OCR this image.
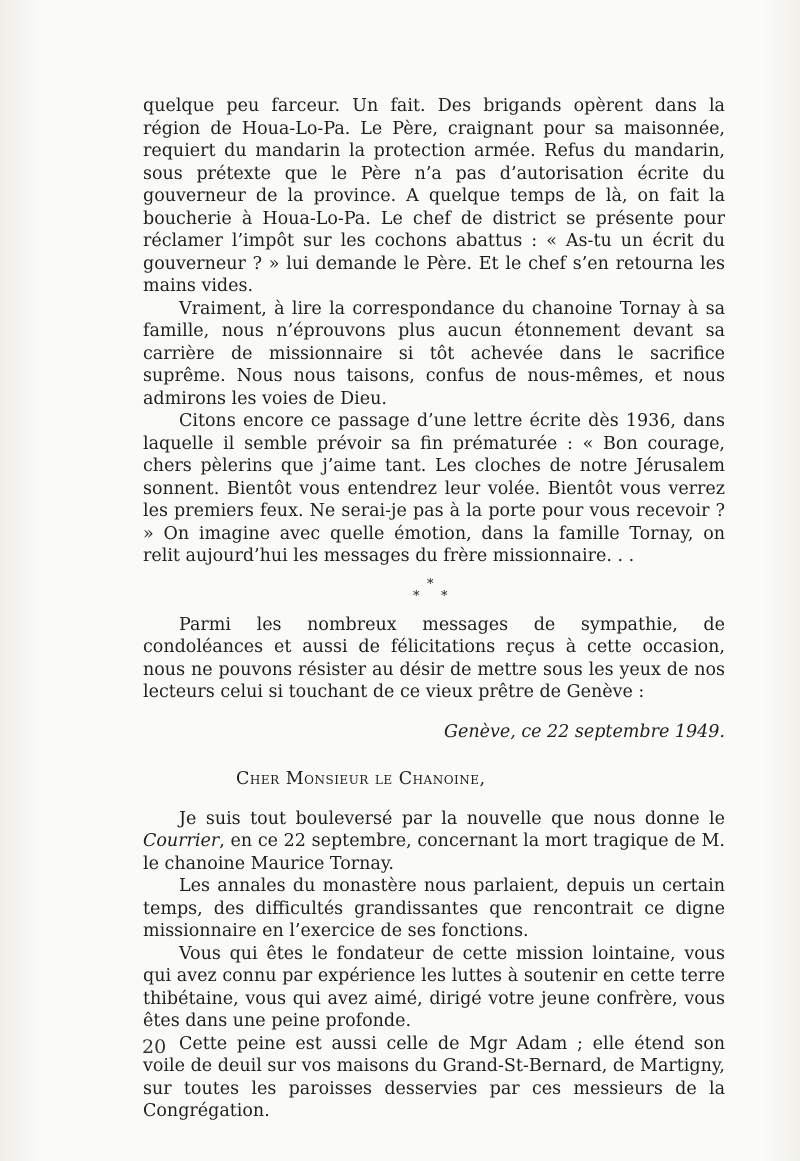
quelque peu farceur. Un fait. Des brigands opèrent dans la région de Houa-Lo-Pa. Le Père, craignant pour sa maisonnée, requiert du mandarin la protection armée. Refus du mandarin, sous prétexte que le Père n’a pas d’autorisation écrite du gouverneur de la province. A quelque temps de là, on fait la boucherie à Houa-Lo-Pa. Le chef de district se présente pour réclamer l’impôt sur les cochons abattus : « As-tu un écrit du gouverneur ? » lui demande le Père. Et le chef s’en retourna les mains vides.

Vraiment, à lire la correspondance du chanoine Tornay à sa famille, nous n’éprouvons plus aucun étonnement devant sa carrière de missionnaire si tôt achevée dans le sacrifice suprême. Nous nous taisons, confus de nous-mêmes, et nous admirons les voies de Dieu.

Citons encore ce passage d’une lettre écrite dès 1936, dans laquelle il semble prévoir sa fin prématurée : « Bon courage, chers pèlerins que j’aime tant. Les cloches de notre Jérusalem sonnent. Bientôt vous entendrez leur volée. Bientôt vous verrez les premiers feux. Ne serai-je pas à la porte pour vous recevoir ? » On imagine avec quelle émotion, dans la famille Tornay, on relit aujourd’hui les messages du frère missionnaire. . .

*
* *

Parmi les nombreux messages de sympathie, de condoléances et aussi de félicitations reçus à cette occasion, nous ne pouvons résister au désir de mettre sous les yeux de nos lecteurs celui si touchant de ce vieux prêtre de Genève :

Genève, ce 22 septembre 1949.

Cher Monsieur le Chanoine,

Je suis tout bouleversé par la nouvelle que nous donne le Courrier, en ce 22 septembre, concernant la mort tragique de M. le chanoine Maurice Tornay.

Les annales du monastère nous parlaient, depuis un certain temps, des difficultés grandissantes que rencontrait ce digne missionnaire en l’exercice de ses fonctions.

Vous qui êtes le fondateur de cette mission lointaine, vous qui avez connu par expérience les luttes à soutenir en cette terre thibétaine, vous qui avez aimé, dirigé votre jeune confrère, vous êtes dans une peine profonde.

Cette peine est aussi celle de Mgr Adam ; elle étend son voile de deuil sur vos maisons du Grand-St-Bernard, de Martigny, sur toutes les paroisses desservies par ces messieurs de la Congrégation.

20
